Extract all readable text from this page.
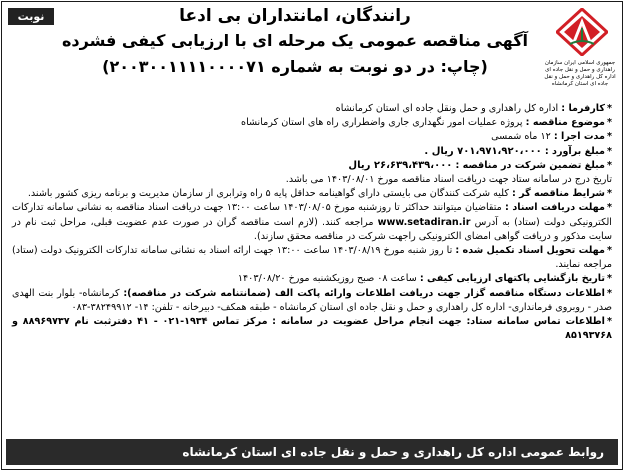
نوبت اول
جمهوری اسلامی ایران سازمان راهداری و حمل و نقل جاده ای اداره کل راهداری و حمل و نقل جاده ای استان کرمانشاه
رانندگان، امانتداران بی ادعا
آگهی مناقصه عمومی یک مرحله ای با ارزیابی کیفی فشرده
(چاپ: در دو نوبت به شماره ۲۰۰۳۰۰۱۱۱۱۰۰۰۰۷۱)

*کارفرما : اداره کل راهداری و حمل ونقل جاده ای استان کرمانشاه

*موضوع مناقصه : پروژه عملیات امور نگهداری جاری واضطراری راه های استان کرمانشاه

*مدت اجرا : ۱۲ ماه شمسی

*مبلغ برآورد : ۷۰۱،۹۷۱،۹۲۰،۰۰۰ ریال .

*مبلغ تضمین شرکت در مناقصه : ۲۶،۶۳۹،۴۳۹،۰۰۰ ریال

تاریخ درج در سامانه ستاد جهت دریافت اسناد مناقصه مورخ ۱۴۰۳/۰۸/۰۱ می باشد.

*شرایط مناقصه گر : کلیه شرکت کنندگان می بایستی دارای گواهینامه حداقل پایه ۵ راه وترابری از سازمان مدیریت و برنامه ریزی کشور باشند.

*مهلت دریافت اسناد : متقاضیان میتوانند حداکثر تا روزشنبه مورخ ۱۴۰۳/۰۸/۰۵ ساعت ۱۳:۰۰ جهت دریافت اسناد مناقصه به نشانی سامانه تدارکات الکترونیکی دولت (ستاد) به آدرس www.setadiran.ir مراجعه کنند. (لازم است مناقصه گران در صورت عدم عضویت قبلی، مراحل ثبت نام در سایت مذکور و دریافت گواهی امضای الکترونیکی راجهت شرکت در مناقصه محقق سازند).

*مهلت تحویل اسناد تکمیل شده : تا روز شنبه مورخ ۱۴۰۳/۰۸/۱۹ ساعت ۱۳:۰۰ جهت ارائه اسناد به نشانی سامانه تدارکات الکترونیک دولت (ستاد) مراجعه نمایند.

*تاریخ بازگشایی پاکتهای ارزیابی کیفی : ساعت ۰۸ صبح روزیکشنبه مورخ ۱۴۰۳/۰۸/۲۰

*اطلاعات دستگاه مناقصه گزار جهت دریافت اطلاعات وارائه پاکت الف (ضمانتنامه شرکت در مناقصه): کرمانشاه- بلوار بنت الهدی صدر - روبروی فرمانداری- اداره کل راهداری و حمل و نقل جاده ای استان کرمانشاه - طبقه همکف- دبیرخانه - تلفن: ۱۴- ۳۸۲۴۹۹۱۲-۰۸۳

*اطلاعات تماس سامانه ستاد: جهت انجام مراحل عضویت در سامانه : مرکز تماس ۱۹۳۴-۰۲۱ - ۴۱ دفترثبت نام ۸۸۹۶۹۷۳۷ و ۸۵۱۹۳۷۶۸

روابط عمومی اداره کل راهداری و حمل و نقل جاده ای استان کرمانشاه
